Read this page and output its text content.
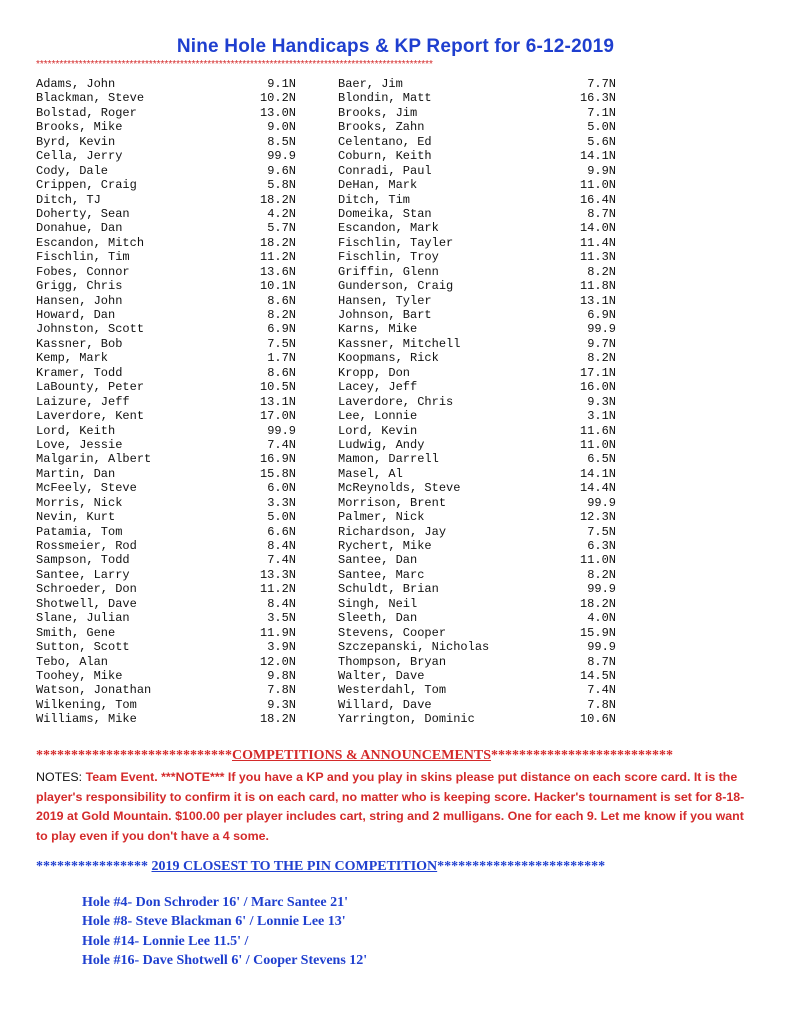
Nine Hole Handicaps & KP Report for 6-12-2019
******************************************************************************************************
Adams, John	9.1N	Baer, Jim	7.7N
Blackman, Steve	10.2N	Blondin, Matt	16.3N
Bolstad, Roger	13.0N	Brooks, Jim	7.1N
Brooks, Mike	9.0N	Brooks, Zahn	5.0N
Byrd, Kevin	8.5N	Celentano, Ed	5.6N
Cella, Jerry	99.9	Coburn, Keith	14.1N
Cody, Dale	9.6N	Conradi, Paul	9.9N
Crippen, Craig	5.8N	DeHan, Mark	11.0N
Ditch, TJ	18.2N	Ditch, Tim	16.4N
Doherty, Sean	4.2N	Domeika, Stan	8.7N
Donahue, Dan	5.7N	Escandon, Mark	14.0N
Escandon, Mitch	18.2N	Fischlin, Tayler	11.4N
Fischlin, Tim	11.2N	Fischlin, Troy	11.3N
Fobes, Connor	13.6N	Griffin, Glenn	8.2N
Grigg, Chris	10.1N	Gunderson, Craig	11.8N
Hansen, John	8.6N	Hansen, Tyler	13.1N
Howard, Dan	8.2N	Johnson, Bart	6.9N
Johnston, Scott	6.9N	Karns, Mike	99.9
Kassner, Bob	7.5N	Kassner, Mitchell	9.7N
Kemp, Mark	1.7N	Koopmans, Rick	8.2N
Kramer, Todd	8.6N	Kropp, Don	17.1N
LaBounty, Peter	10.5N	Lacey, Jeff	16.0N
Laizure, Jeff	13.1N	Laverdore, Chris	9.3N
Laverdore, Kent	17.0N	Lee, Lonnie	3.1N
Lord, Keith	99.9	Lord, Kevin	11.6N
Love, Jessie	7.4N	Ludwig, Andy	11.0N
Malgarin, Albert	16.9N	Mamon, Darrell	6.5N
Martin, Dan	15.8N	Masel, Al	14.1N
McFeely, Steve	6.0N	McReynolds, Steve	14.4N
Morris, Nick	3.3N	Morrison, Brent	99.9
Nevin, Kurt	5.0N	Palmer, Nick	12.3N
Patamia, Tom	6.6N	Richardson, Jay	7.5N
Rossmeier, Rod	8.4N	Rychert, Mike	6.3N
Sampson, Todd	7.4N	Santee, Dan	11.0N
Santee, Larry	13.3N	Santee, Marc	8.2N
Schroeder, Don	11.2N	Schuldt, Brian	99.9
Shotwell, Dave	8.4N	Singh, Neil	18.2N
Slane, Julian	3.5N	Sleeth, Dan	4.0N
Smith, Gene	11.9N	Stevens, Cooper	15.9N
Sutton, Scott	3.9N	Szczepanski, Nicholas	99.9
Tebo, Alan	12.0N	Thompson, Bryan	8.7N
Toohey, Mike	9.8N	Walter, Dave	14.5N
Watson, Jonathan	7.8N	Westerdahl, Tom	7.4N
Wilkening, Tom	9.3N	Willard, Dave	7.8N
Williams, Mike	18.2N	Yarrington, Dominic	10.6N
****************************COMPETITIONS & ANNOUNCEMENTS**************************
NOTES: Team Event. ***NOTE*** If you have a KP and you play in skins please put distance on each score card. It is the player's responsibility to confirm it is on each card, no matter who is keeping score. Hacker's tournament is set for 8-18-2019 at Gold Mountain. $100.00 per player includes cart, string and 2 mulligans. One for each 9. Let me know if you want to play even if you don't have a 4 some.
**************** 2019 CLOSEST TO THE PIN COMPETITION************************
Hole #4- Don Schroder 16' / Marc Santee 21'
Hole #8- Steve Blackman 6' / Lonnie Lee 13'
Hole #14- Lonnie Lee 11.5' /
Hole #16- Dave Shotwell 6' / Cooper Stevens 12'
